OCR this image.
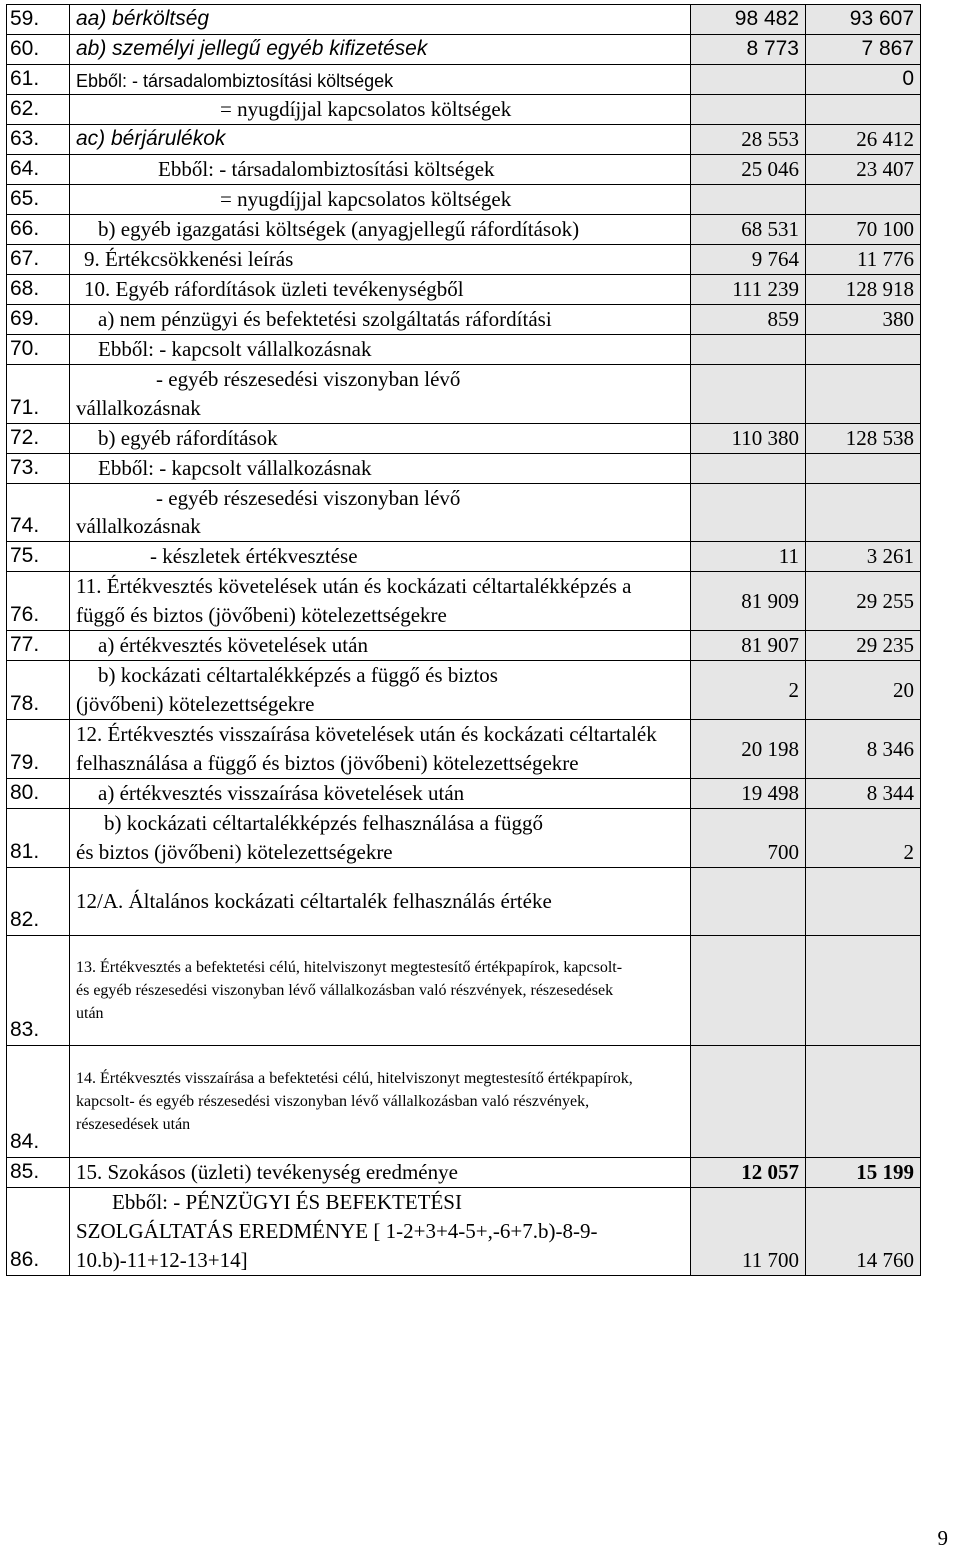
59.	aa) bérköltség	98 482	93 607
60.	ab) személyi jellegű egyéb kifizetések	8 773	7 867
61.	Ebből: - társadalombiztosítási költségek		0
62.	= nyugdíjjal kapcsolatos költségek		
63.	ac) bérjárulékok	28 553	26 412
64.	Ebből: - társadalombiztosítási költségek	25 046	23 407
65.	= nyugdíjjal kapcsolatos költségek		
66.	b) egyéb igazgatási költségek (anyagjellegű ráfordítások)	68 531	70 100
67.	9. Értékcsökkenési leírás	9 764	11 776
68.	10. Egyéb ráfordítások üzleti tevékenységből	111 239	128 918
69.	a) nem pénzügyi és befektetési szolgáltatás ráfordítási	859	380
70.	Ebből: - kapcsolt vállalkozásnak		
71.	- egyéb részesedési viszonyban lévő
vállalkozásnak		

72.	b) egyéb ráfordítások	110 380	128 538
73.	Ebből: - kapcsolt vállalkozásnak		
74.	- egyéb részesedési viszonyban lévő
vállalkozásnak		

75.	- készletek értékvesztése	11	3 261
76.	11. Értékvesztés követelések után és kockázati céltartalékképzés a függő és biztos (jövőbeni) kötelezettségekre	81 909	29 255
77.	a) értékvesztés követelések után	81 907	29 235
78.	b) kockázati céltartalékképzés a függő és biztos
(jövőbeni) kötelezettségekre	2	20
79.	12. Értékvesztés visszaírása követelések után és kockázati céltartalék felhasználása a függő és biztos (jövőbeni) kötelezettségekre	20 198	8 346
80.	a) értékvesztés visszaírása követelések után	19 498	8 344
81.	b) kockázati céltartalékképzés felhasználása a függő
és biztos (jövőbeni) kötelezettségekre	700	2
82.	12/A. Általános kockázati céltartalék felhasználás értéke		
83.	13. Értékvesztés a befektetési célú, hitelviszonyt megtestesítő értékpapírok, kapcsolt- és egyéb részesedési viszonyban lévő vállalkozásban való részvények, részesedések után		
84.	14. Értékvesztés visszaírása a befektetési célú, hitelviszonyt megtestesítő értékpapírok, kapcsolt- és egyéb részesedési viszonyban lévő vállalkozásban való részvények, részesedések után		
85.	15. Szokásos (üzleti) tevékenység eredménye	12 057	15 199
86.	Ebből: - PÉNZÜGYI ÉS BEFEKTETÉSI
SZOLGÁLTATÁS EREDMÉNYE [ 1-2+3+4-5+,-6+7.b)-8-9-10.b)-11+12-13+14]	11 700	14 760
9
